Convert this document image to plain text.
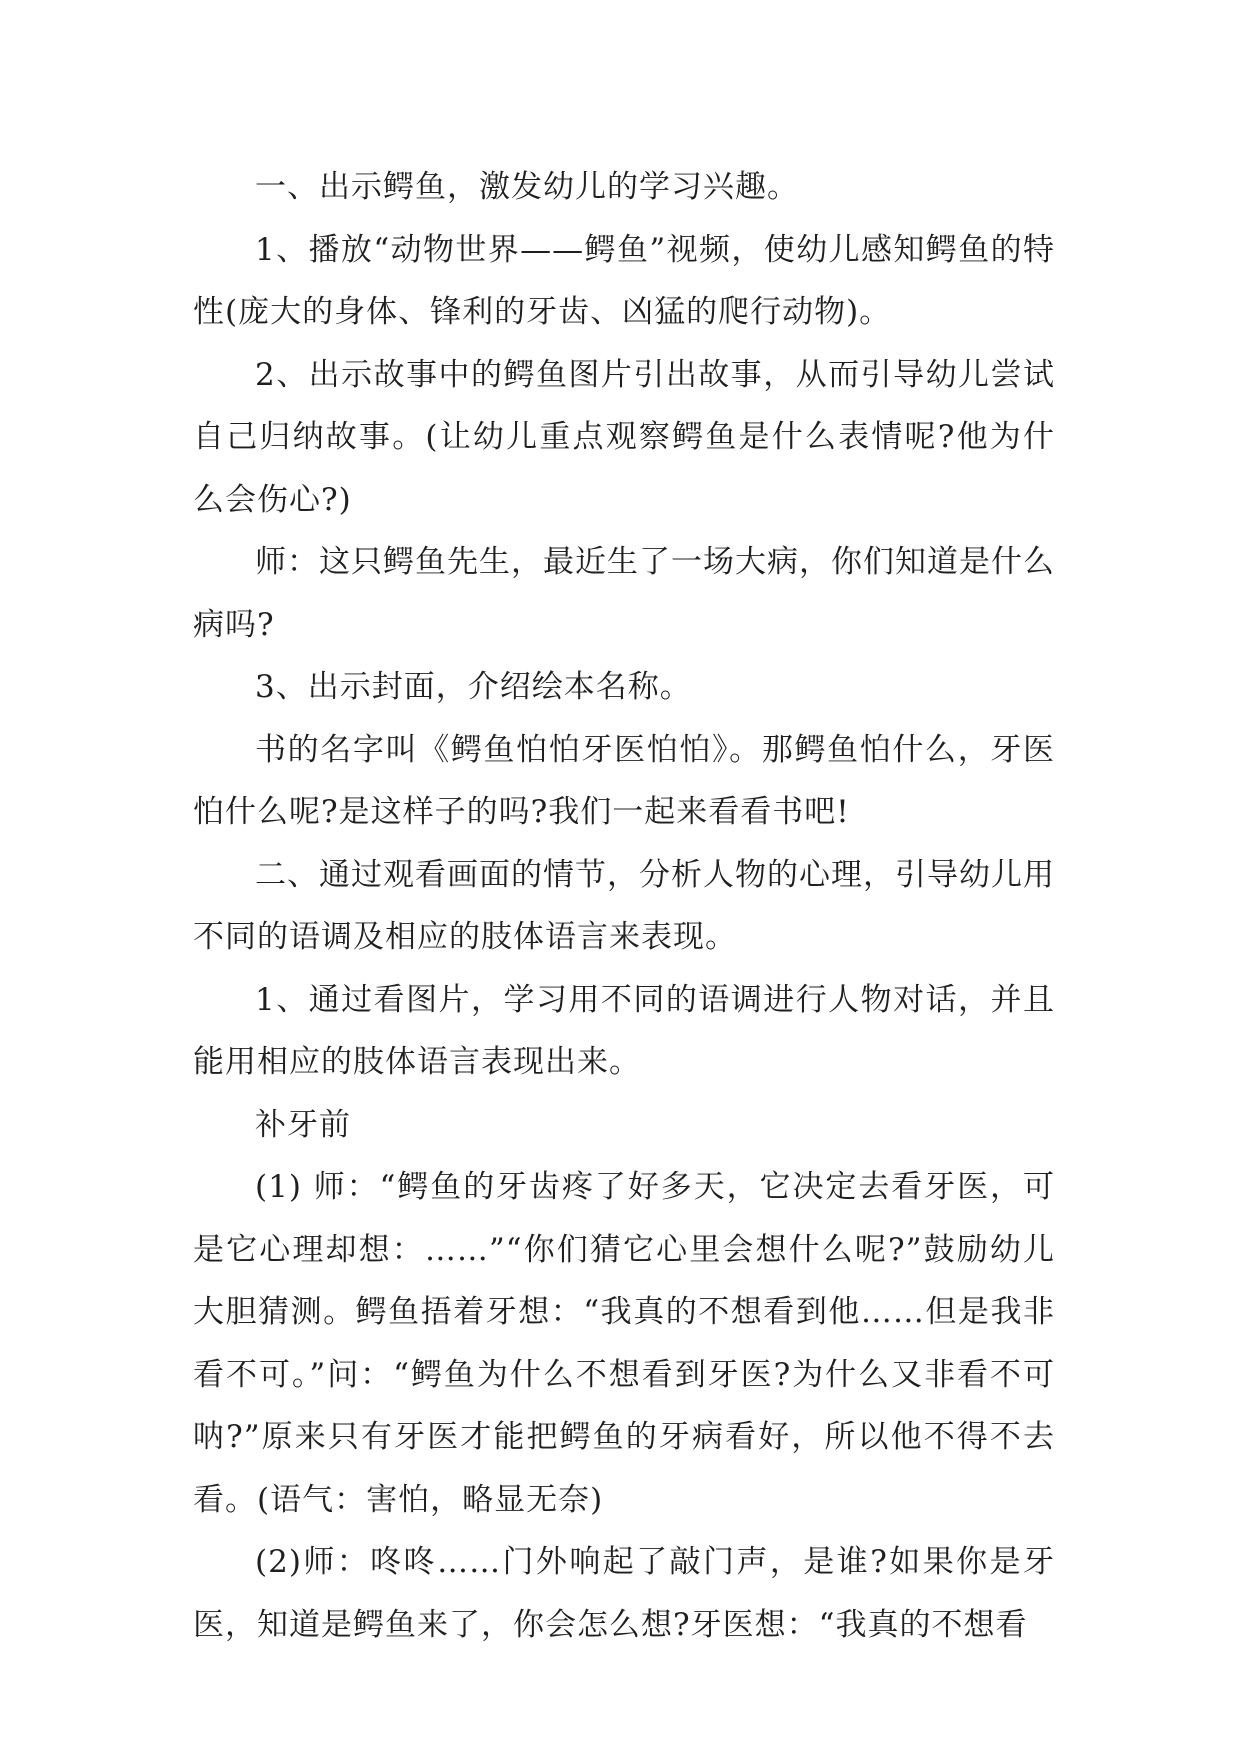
一、出示鳄鱼，激发幼儿的学习兴趣。

1、播放“动物世界——鳄鱼”视频，使幼儿感知鳄鱼的特性(庞大的身体、锋利的牙齿、凶猛的爬行动物)。

2、出示故事中的鳄鱼图片引出故事，从而引导幼儿尝试自己归纳故事。(让幼儿重点观察鳄鱼是什么表情呢?他为什么会伤心?)

师：这只鳄鱼先生，最近生了一场大病，你们知道是什么病吗?

3、出示封面，介绍绘本名称。

书的名字叫《鳄鱼怕怕牙医怕怕》。那鳄鱼怕什么，牙医怕什么呢?是这样子的吗?我们一起来看看书吧!

二、通过观看画面的情节，分析人物的心理，引导幼儿用不同的语调及相应的肢体语言来表现。

1、通过看图片，学习用不同的语调进行人物对话，并且能用相应的肢体语言表现出来。

补牙前

(1) 师：“鳄鱼的牙齿疼了好多天，它决定去看牙医，可是它心理却想：……”“你们猜它心里会想什么呢?”鼓励幼儿大胆猜测。鳄鱼捂着牙想：“我真的不想看到他……但是我非看不可。”问：“鳄鱼为什么不想看到牙医?为什么又非看不可呐?”原来只有牙医才能把鳄鱼的牙病看好，所以他不得不去看。(语气：害怕，略显无奈)

(2)师：咚咚……门外响起了敲门声，是谁?如果你是牙医，知道是鳄鱼来了，你会怎么想?牙医想：“我真的不想看
